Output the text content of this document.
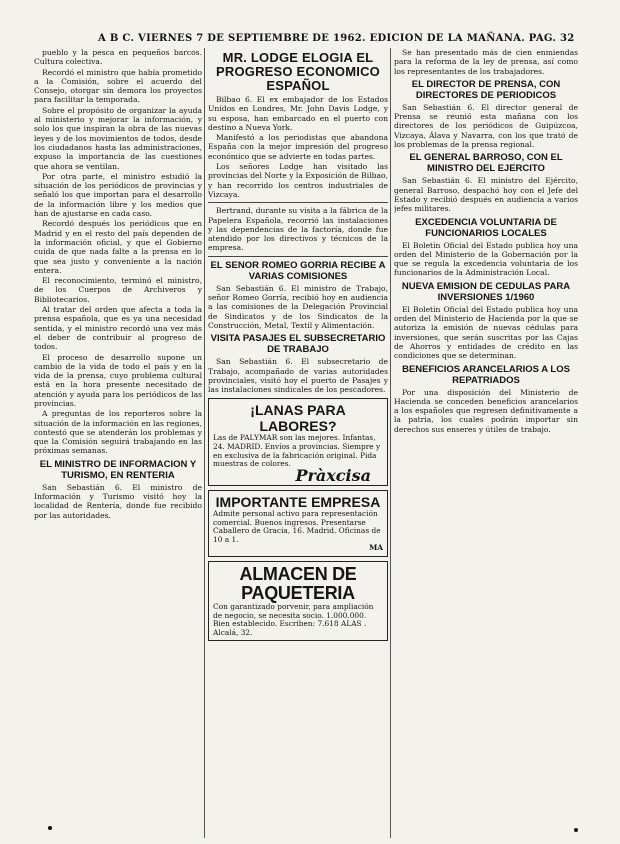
A B C. VIERNES 7 DE SEPTIEMBRE DE 1962. EDICION DE LA MAÑANA. PAG. 32

pueblo y la pesca en pequeños barcos. Cultura colectiva.

Recordó el ministro que había prometido a la Comisión, sobre el acuerdo del Consejo, otorgar sin demora los proyectos para facilitar la temporada.

Sobre el propósito de organizar la ayuda al ministerio y mejorar la información, y solo los que inspiran la obra de las nuevas leyes y de los movimientos de todos, desde los ciudadanos hasta las administraciones, expuso la importancia de las cuestiones que ahora se ventilan.

Por otra parte, el ministro estudió la situación de los periódicos de provincias y señaló los que importan para el desarrollo de la información libre y los medios que han de ajustarse en cada caso.

Recordó después los periódicos que en Madrid y en el resto del país dependen de la información oficial, y que el Gobierno cuida de que nada falte a la prensa en lo que sea justo y conveniente a la nación entera.

El reconocimiento, terminó el ministro, de los Cuerpos de Archiveros y Bibliotecarios.

Al tratar del orden que afecta a toda la prensa española, que es ya una necesidad sentida, y el ministro recordó una vez más el deber de contribuir al progreso de todos.

El proceso de desarrollo supone un cambio de la vida de todo el país y en la vida de la prensa, cuyo problema cultural está en la hora presente necesitado de atención y ayuda para los periódicos de las provincias.

A preguntas de los reporteros sobre la situación de la información en las regiones, contestó que se atenderán los problemas y que la Comisión seguirá trabajando en las próximas semanas.

EL MINISTRO DE INFORMACION Y TURISMO, EN RENTERIA

San Sebastián 6. El ministro de Información y Turismo visitó hoy la localidad de Rentería, donde fue recibido por las autoridades.

MR. LODGE ELOGIA EL PROGRESO ECONOMICO ESPAÑOL

Bilbao 6. El ex embajador de los Estados Unidos en Londres, Mr. John Davis Lodge, y su esposa, han embarcado en el puerto con destino a Nueva York.

Manifestó a los periodistas que abandona España con la mejor impresión del progreso económico que se advierte en todas partes.

Los señores Lodge han visitado las provincias del Norte y la Exposición de Bilbao, y han recorrido los centros industriales de Vizcaya.

Bertrand, durante su visita a la fábrica de la Papelera Española, recorrió las instalaciones y las dependencias de la factoría, donde fue atendido por los directivos y técnicos de la empresa.

EL SENOR ROMEO GORRIA RECIBE A VARIAS COMISIONES

San Sebastián 6. El ministro de Trabajo, señor Romeo Gorría, recibió hoy en audiencia a las comisiones de la Delegación Provincial de Sindicatos y de los Sindicatos de la Construcción, Metal, Textil y Alimentación.

VISITA PASAJES EL SUBSECRETARIO DE TRABAJO

San Sebastián 6. El subsecretario de Trabajo, acompañado de varias autoridades provinciales, visitó hoy el puerto de Pasajes y las instalaciones sindicales de los pescadores.

¡LANAS PARA LABORES?
Las de PALYMAR son las mejores. Infantas, 24. MADRID. Envíos a provincias. Siempre y en exclusiva de la fabricación original. Pida muestras de colores.
Pràxcisa
IMPORTANTE EMPRESA
Admite personal activo para representación comercial. Buenos ingresos. Presentarse Caballero de Gracia, 16. Madrid. Oficinas de 10 a 1.
MA
ALMACEN DE PAQUETERIA
Con garantizado porvenir, para ampliación de negocio, se necesita socio. 1.000.000. Bien establecido. Escriben: 7.618 ALAS . Alcalá, 32.

Se han presentado más de cien enmiendas para la reforma de la ley de prensa, así como los representantes de los trabajadores.

EL DIRECTOR DE PRENSA, CON DIRECTORES DE PERIODICOS

San Sebastián 6. El director general de Prensa se reunió esta mañana con los directores de los periódicos de Guipúzcoa, Vizcaya, Álava y Navarra, con los que trató de los problemas de la prensa regional.

EL GENERAL BARROSO, CON EL MINISTRO DEL EJERCITO

San Sebastián 6. El ministro del Ejército, general Barroso, despachó hoy con el Jefe del Estado y recibió después en audiencia a varios jefes militares.

EXCEDENCIA VOLUNTARIA DE FUNCIONARIOS LOCALES

El Boletín Oficial del Estado publica hoy una orden del Ministerio de la Gobernación por la que se regula la excedencia voluntaria de los funcionarios de la Administración Local.

NUEVA EMISION DE CEDULAS PARA INVERSIONES 1/1960

El Boletín Oficial del Estado publica hoy una orden del Ministerio de Hacienda por la que se autoriza la emisión de nuevas cédulas para inversiones, que serán suscritas por las Cajas de Ahorros y entidades de crédito en las condiciones que se determinan.

BENEFICIOS ARANCELARIOS A LOS REPATRIADOS

Por una disposición del Ministerio de Hacienda se conceden beneficios arancelarios a los españoles que regresen definitivamente a la patria, los cuales podrán importar sin derechos sus enseres y útiles de trabajo.
